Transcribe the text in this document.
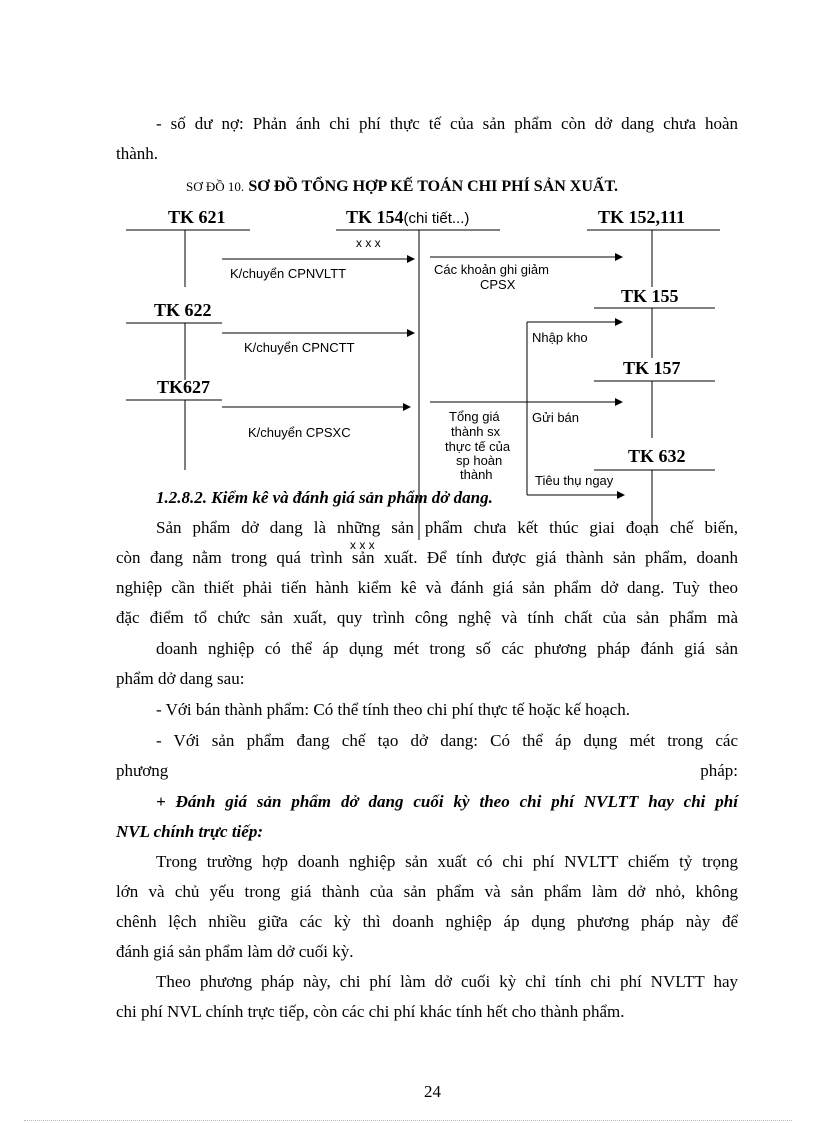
- số dư nợ: Phản ánh chi phí thực tế của sản phẩm còn dở dang chưa hoàn
thành.
SƠ ĐỒ 10. SƠ ĐỒ TỔNG HỢP KẾ TOÁN CHI PHÍ SẢN XUẤT.
TK 621	TK 154(chi tiết...)	TK 152,111
TK 622
TK627
TK 155
TK 157
TK 632
x x x
x x x
K/chuyển CPNVLTT
K/chuyển CPNCTT
K/chuyển CPSXC
Các khoản ghi giảm
CPSX
Nhập kho
Gửi bán
Tiêu thụ ngay
Tổng giá
thành sx
thực tế của
sp hoàn
thành
1.2.8.2. Kiểm kê và đánh giá sản phẩm dở dang.
Sản phẩm dở dang là những sản phẩm chưa kết thúc giai đoạn chế biến,
còn đang nằm trong quá trình sản xuất. Để tính được giá thành sản phẩm, doanh
nghiệp cần thiết phải tiến hành kiểm kê và đánh giá sản phẩm dở dang. Tuỳ theo
đặc điểm tổ chức sản xuất, quy trình công nghệ và tính chất của sản phẩm mà
doanh nghiệp có thể áp dụng mét trong số các phương pháp đánh giá sản
phẩm dở dang sau:
- Với bán thành phẩm: Có thể tính theo chi phí thực tế hoặc kế hoạch.
- Với sản phẩm đang chế tạo dở dang: Có thể áp dụng mét trong các
phương	pháp:
+ Đánh giá sản phẩm dở dang cuối kỳ theo chi phí NVLTT hay chi phí
NVL chính trực tiếp:
Trong trường hợp doanh nghiệp sản xuất có chi phí NVLTT chiếm tỷ trọng
lớn và chủ yếu trong giá thành của sản phẩm và sản phẩm làm dở nhỏ, không
chênh lệch nhiều giữa các kỳ thì doanh nghiệp áp dụng phương pháp này để
đánh giá sản phẩm làm dở cuối kỳ.
Theo phương pháp này, chi phí làm dở cuối kỳ chỉ tính chi phí NVLTT hay
chi phí NVL chính trực tiếp, còn các chi phí khác tính hết cho thành phẩm.
24
